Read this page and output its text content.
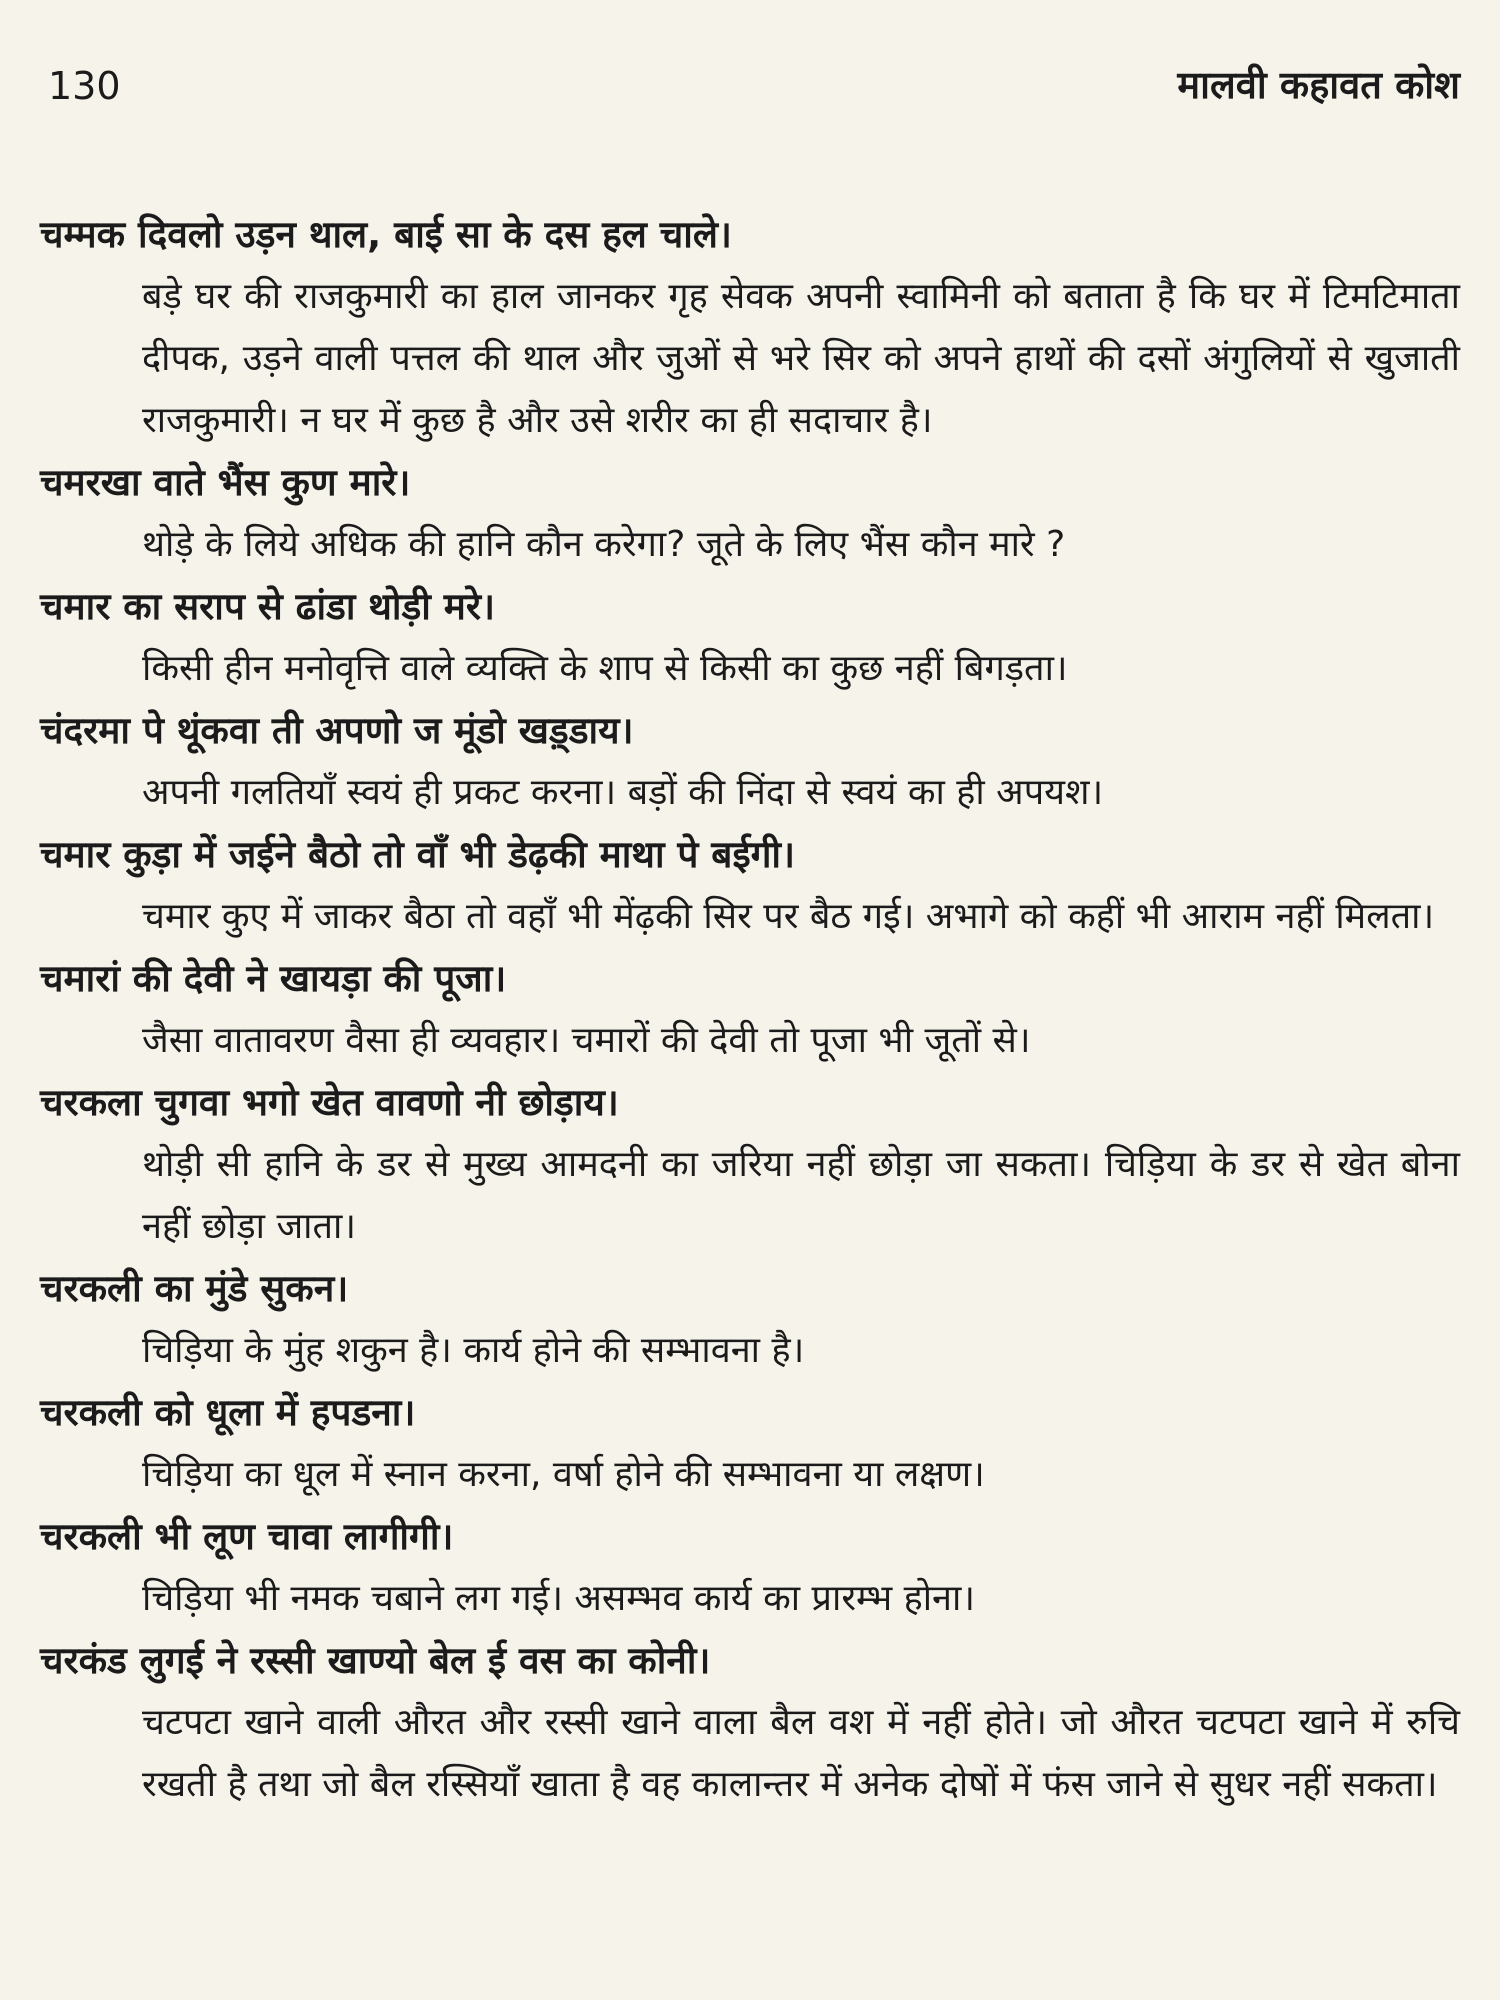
130	मालवी कहावत कोश
चम्मक दिवलो उड़न थाल, बाई सा के दस हल चाले।
बड़े घर की राजकुमारी का हाल जानकर गृह सेवक अपनी स्वामिनी को बताता है कि घर में टिमटिमाता दीपक, उड़ने वाली पत्तल की थाल और जुओं से भरे सिर को अपने हाथों की दसों अंगुलियों से खुजाती राजकुमारी। न घर में कुछ है और उसे शरीर का ही सदाचार है।
चमरखा वाते भैंस कुण मारे।
थोड़े के लिये अधिक की हानि कौन करेगा? जूते के लिए भैंस कौन मारे ?
चमार का सराप से ढांडा थोड़ी मरे।
किसी हीन मनोवृत्ति वाले व्यक्ति के शाप से किसी का कुछ नहीं बिगड़ता।
चंदरमा पे थूंकवा ती अपणो ज मूंडो खड़्डाय।
अपनी गलतियाँ स्वयं ही प्रकट करना। बड़ों की निंदा से स्वयं का ही अपयश।
चमार कुड़ा में जईने बैठो तो वाँ भी डेढ़की माथा पे बईगी।
चमार कुए में जाकर बैठा तो वहाँ भी मेंढ़की सिर पर बैठ गई। अभागे को कहीं भी आराम नहीं मिलता।
चमारां की देवी ने खायड़ा की पूजा।
जैसा वातावरण वैसा ही व्यवहार। चमारों की देवी तो पूजा भी जूतों से।
चरकला चुगवा भगो खेत वावणो नी छोड़ाय।
थोड़ी सी हानि के डर से मुख्य आमदनी का जरिया नहीं छोड़ा जा सकता। चिड़िया के डर से खेत बोना नहीं छोड़ा जाता।
चरकली का मुंडे सुकन।
चिड़िया के मुंह शकुन है। कार्य होने की सम्भावना है।
चरकली को धूला में हपडना।
चिड़िया का धूल में स्नान करना, वर्षा होने की सम्भावना या लक्षण।
चरकली भी लूण चावा लागीगी।
चिड़िया भी नमक चबाने लग गई। असम्भव कार्य का प्रारम्भ होना।
चरकंड लुगई ने रस्सी खाण्यो बेल ई वस का कोनी।
चटपटा खाने वाली औरत और रस्सी खाने वाला बैल वश में नहीं होते। जो औरत चटपटा खाने में रुचि रखती है तथा जो बैल रस्सियाँ खाता है वह कालान्तर में अनेक दोषों में फंस जाने से सुधर नहीं सकता।
